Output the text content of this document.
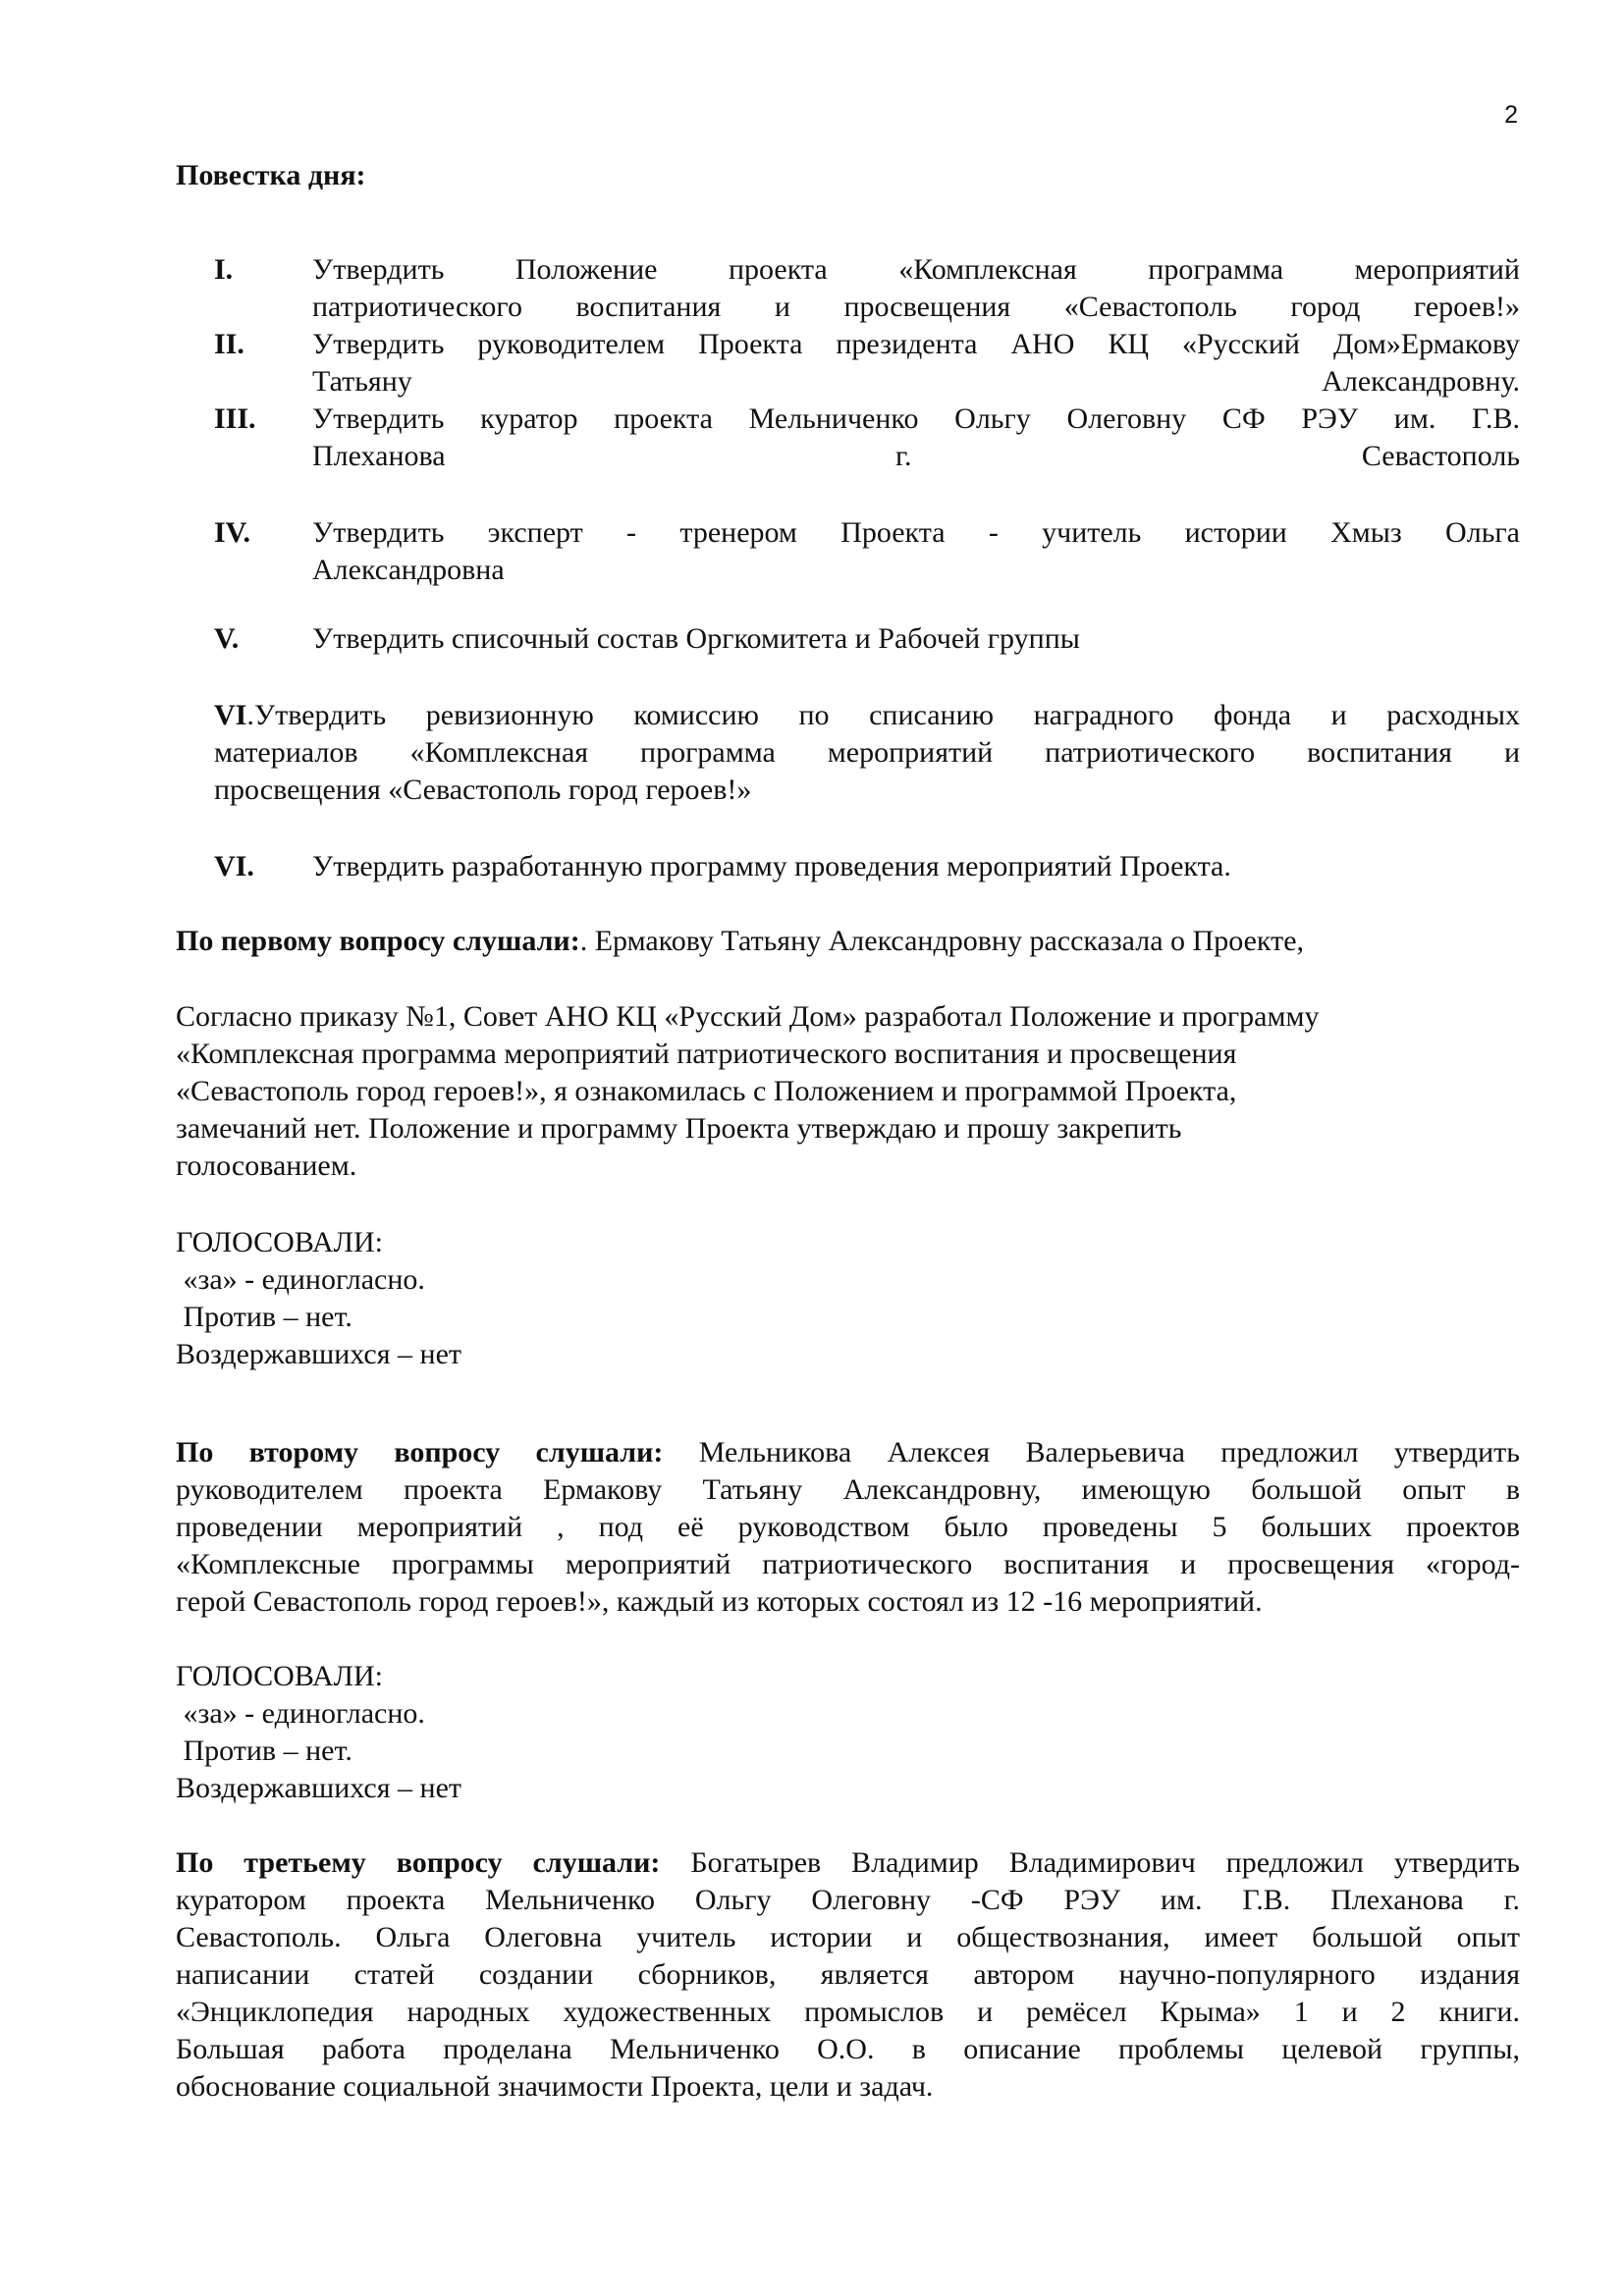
2
Повестка дня:
I.	Утвердить Положение проекта «Комплексная программа мероприятий
патриотического воспитания и просвещения «Севастополь город героев!»
II. Утвердить руководителем Проекта президента АНО КЦ «Русский Дом»Ермакову
Татьяну Александровну.
III. Утвердить куратор проекта Мельниченко Ольгу Олеговну СФ РЭУ им. Г.В.
Плеханова г. Севастополь
IV. Утвердить эксперт - тренером Проекта - учитель истории Хмыз Ольга
Александровна
V. Утвердить списочный состав Оргкомитета и Рабочей группы
VI.Утвердить ревизионную комиссию по списанию наградного фонда и расходных
материалов «Комплексная программа мероприятий патриотического воспитания и
просвещения «Севастополь город героев!»
VI. Утвердить разработанную программу проведения мероприятий Проекта.
По первому вопросу слушали:. Ермакову Татьяну Александровну рассказала о Проекте,

Согласно приказу №1, Совет АНО КЦ «Русский Дом» разработал Положение и программу

«Комплексная программа мероприятий патриотического воспитания и просвещения

«Севастополь город героев!», я ознакомилась с Положением и программой Проекта,

замечаний нет. Положение и программу Проекта утверждаю и прошу закрепить

голосованием.

ГОЛОСОВАЛИ:
«за» - единогласно.
Против – нет.
Воздержавшихся – нет
По второму вопросу слушали: Мельникова Алексея Валерьевича предложил утвердить
руководителем проекта Ермакову Татьяну Александровну, имеющую большой опыт в
проведении мероприятий , под её руководством было проведены 5 больших проектов
«Комплексные программы мероприятий патриотического воспитания и просвещения «город-
герой Севастополь город героев!», каждый из которых состоял из 12 -16 мероприятий.
ГОЛОСОВАЛИ:
«за» - единогласно.
Против – нет.
Воздержавшихся – нет
По третьему вопросу слушали: Богатырев Владимир Владимирович предложил утвердить
куратором проекта Мельниченко Ольгу Олеговну -СФ РЭУ им. Г.В. Плеханова г.
Севастополь. Ольга Олеговна учитель истории и обществознания, имеет большой опыт
написании статей создании сборников, является автором научно-популярного издания
«Энциклопедия народных художественных промыслов и ремёсел Крыма» 1 и 2 книги.
Большая работа проделана Мельниченко О.О. в описание проблемы целевой группы,
обоснование социальной значимости Проекта, цели и задач.
